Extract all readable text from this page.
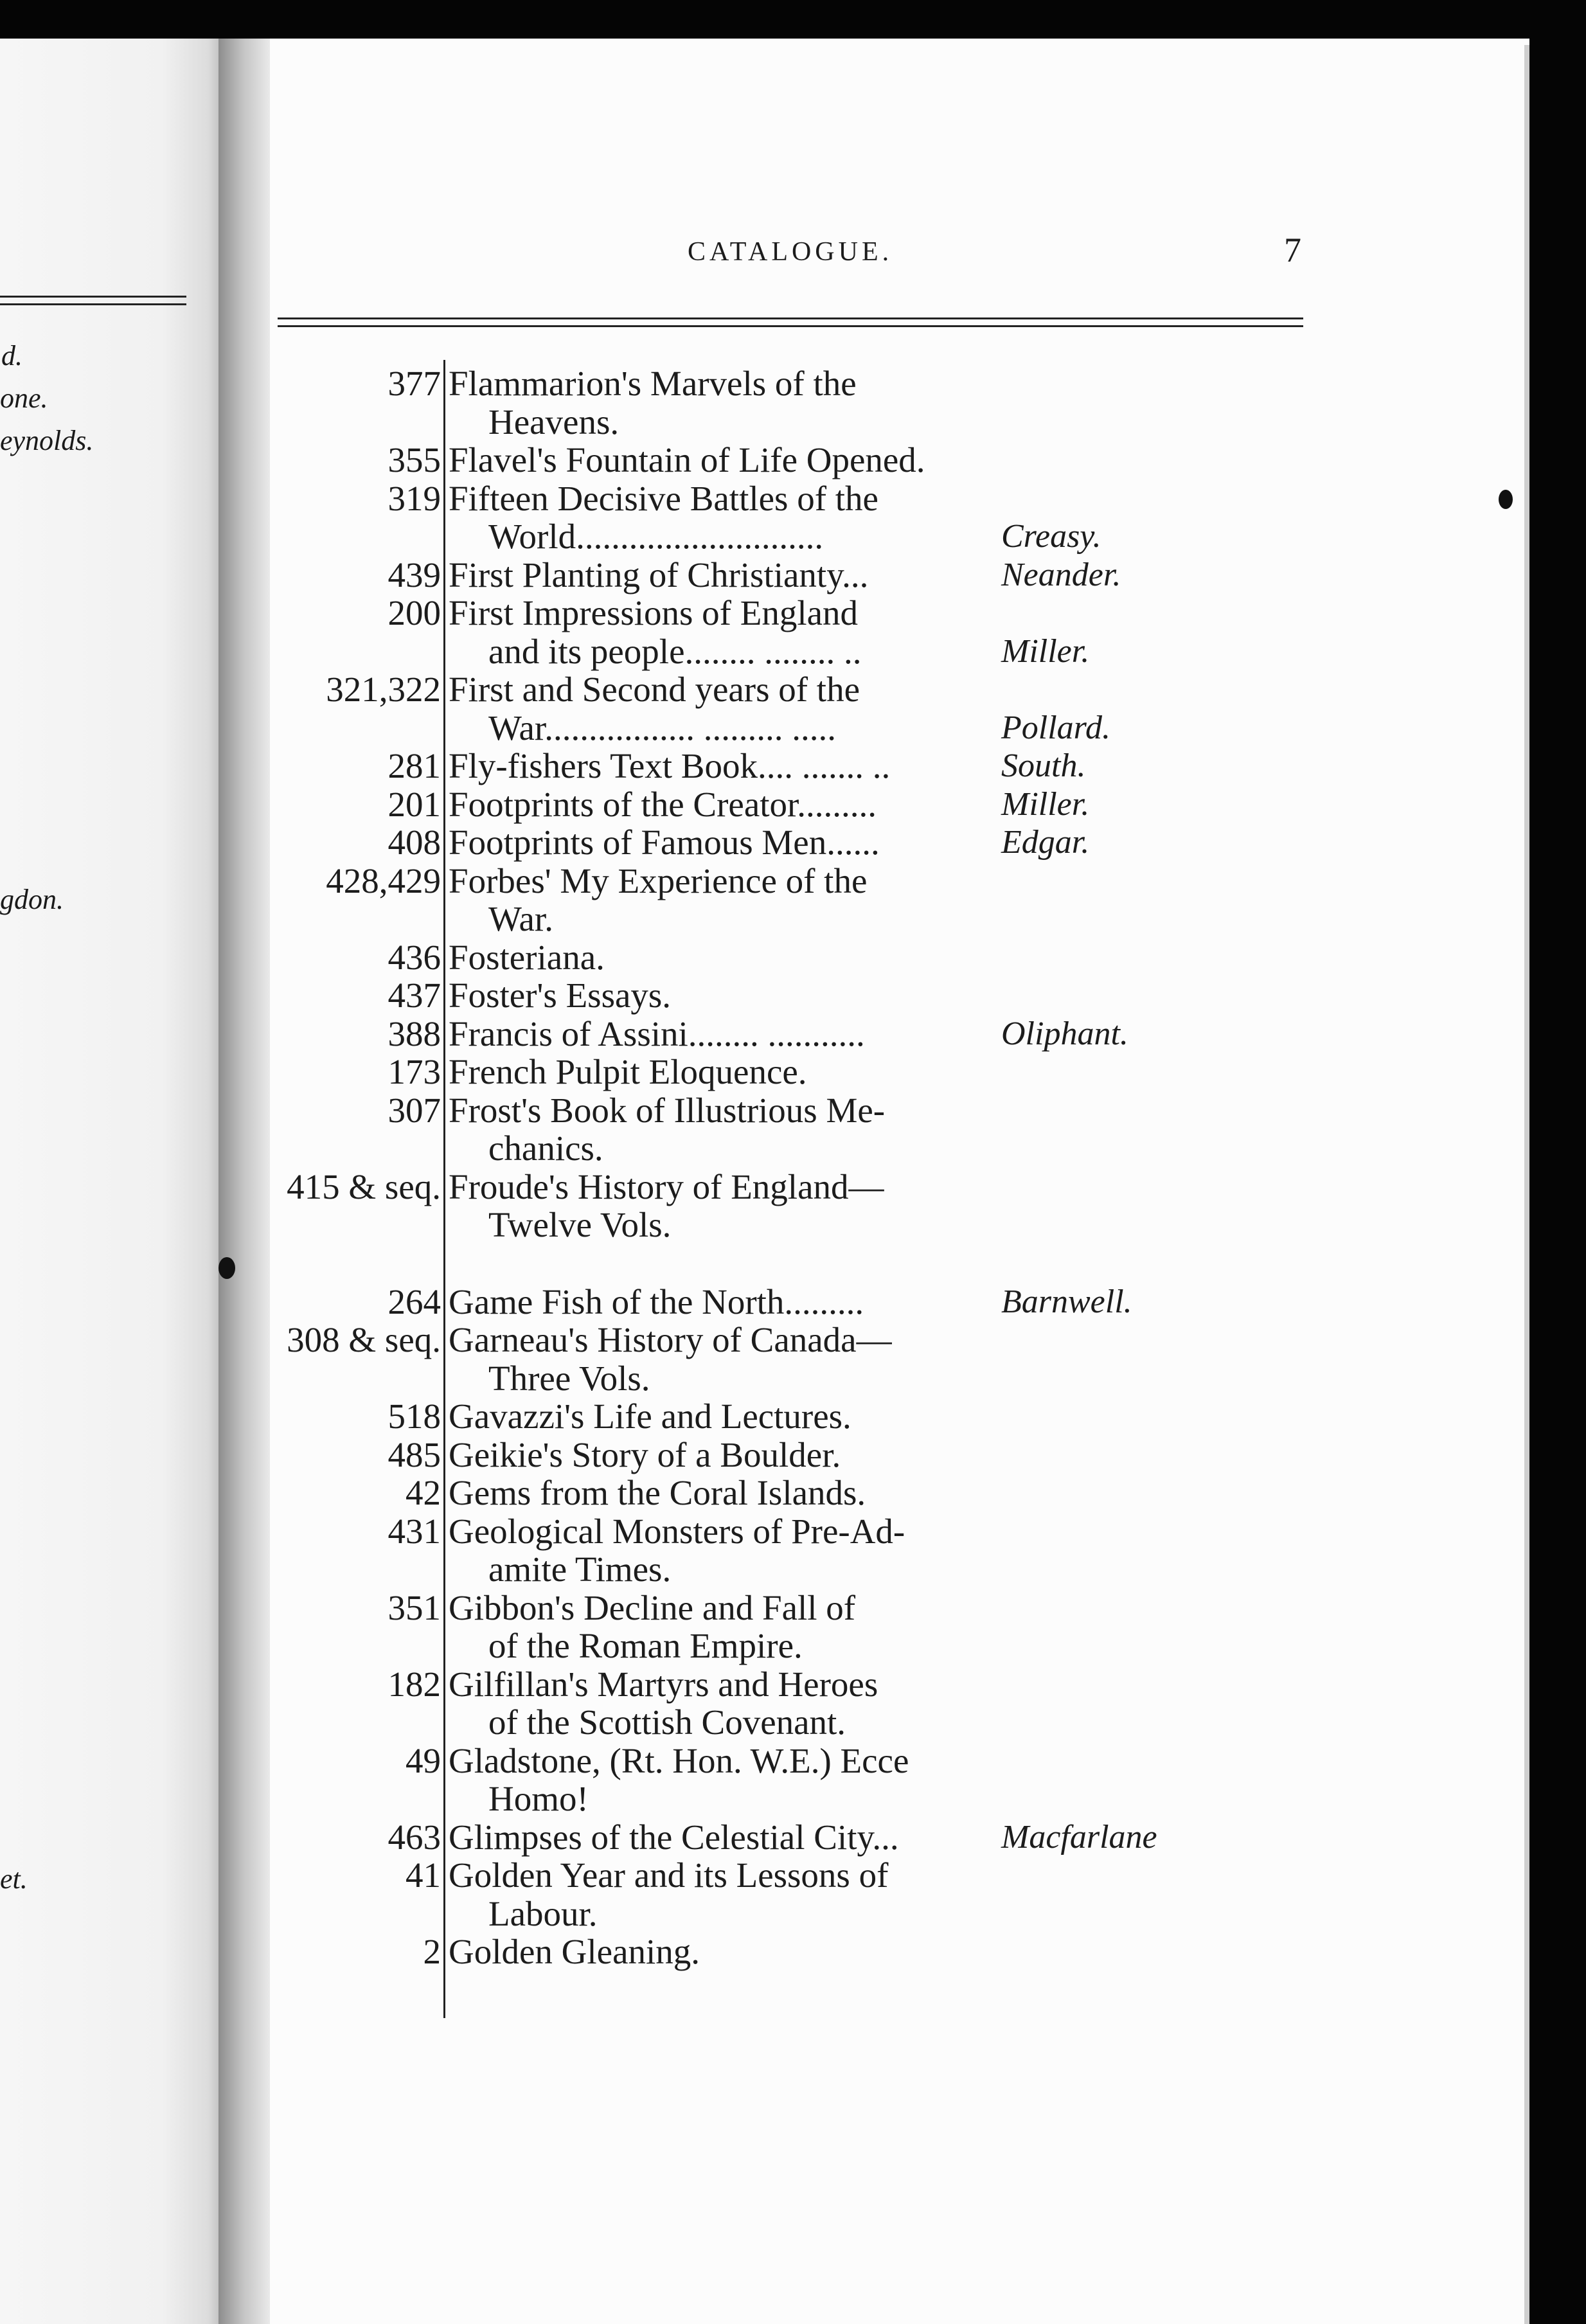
d.
one.
eynolds.
gdon.
et.
CATALOGUE.	7
377 Flammarion's Marvels of the
Heavens.
355 Flavel's Fountain of Life Opened.
319 Fifteen Decisive Battles of the
World............................	Creasy.
439 First Planting of Christianty...	Neander.
200 First Impressions of England
and its people........ ........ ..	Miller.
321,322 First and Second years of the
War................. ......... .....	Pollard.
281 Fly-fishers Text Book.... ....... ..	South.
201 Footprints of the Creator.........	Miller.
408 Footprints of Famous Men......	Edgar.
428,429 Forbes' My Experience of the
War.
436 Fosteriana.
437 Foster's Essays.
388 Francis of Assini........ ...........	Oliphant.
173 French Pulpit Eloquence.
307 Frost's Book of Illustrious Me-
chanics.
415 & seq. Froude's History of England—
Twelve Vols.
264 Game Fish of the North.........	Barnwell.
308 & seq. Garneau's History of Canada—
Three Vols.
518 Gavazzi's Life and Lectures.
485 Geikie's Story of a Boulder.
42 Gems from the Coral Islands.
431 Geological Monsters of Pre-Ad-
amite Times.
351 Gibbon's Decline and Fall of
of the Roman Empire.
182 Gilfillan's Martyrs and Heroes
of the Scottish Covenant.
49 Gladstone, (Rt. Hon. W.E.) Ecce
Homo!
463 Glimpses of the Celestial City...	Macfarlane
41 Golden Year and its Lessons of
Labour.
2 Golden Gleaning.
